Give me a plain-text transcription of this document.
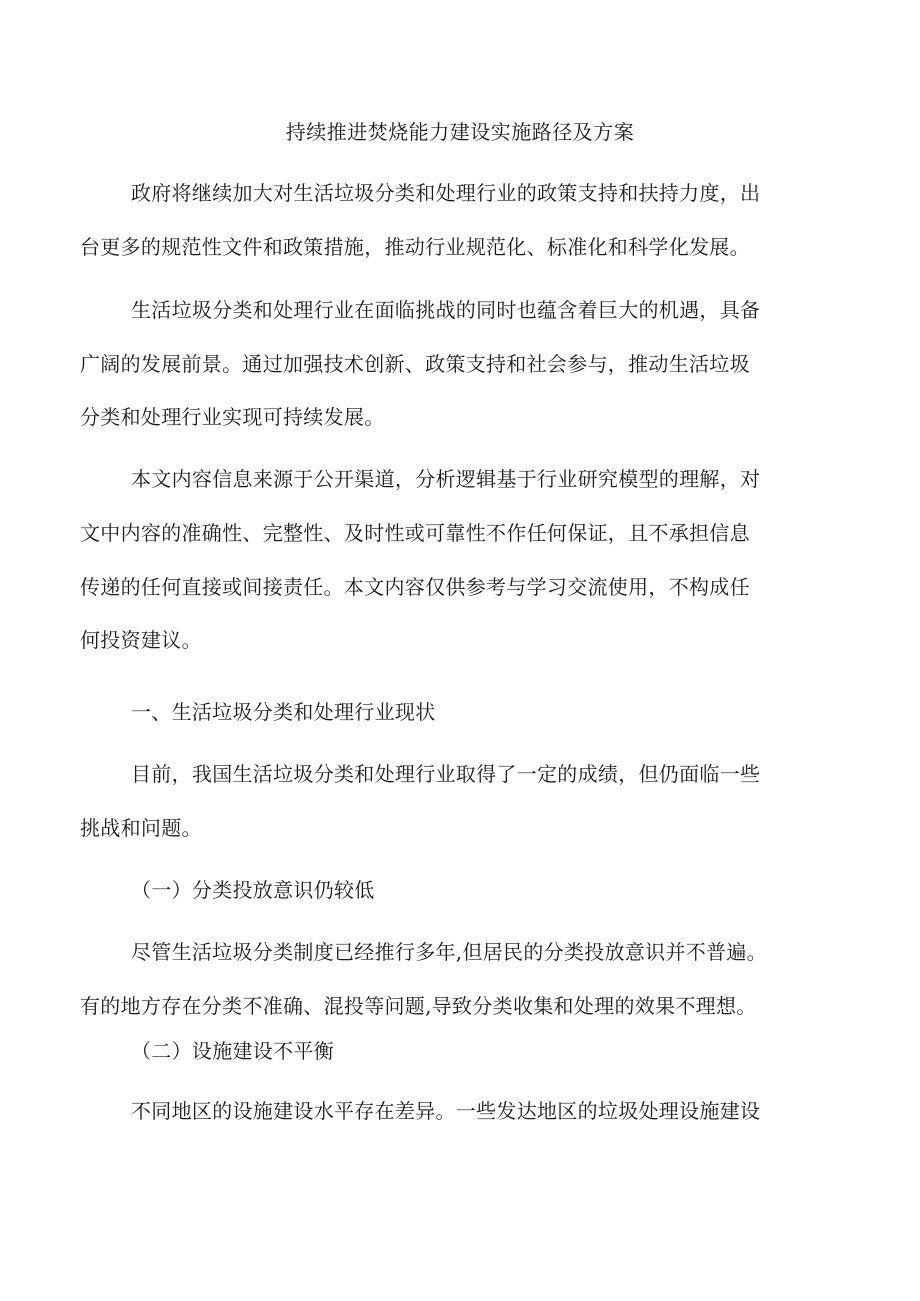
持续推进焚烧能力建设实施路径及方案
政府将继续加大对生活垃圾分类和处理行业的政策支持和扶持力度，出
台更多的规范性文件和政策措施，推动行业规范化、标准化和科学化发展。
生活垃圾分类和处理行业在面临挑战的同时也蕴含着巨大的机遇，具备
广阔的发展前景。通过加强技术创新、政策支持和社会参与，推动生活垃圾
分类和处理行业实现可持续发展。
本文内容信息来源于公开渠道，分析逻辑基于行业研究模型的理解，对
文中内容的准确性、完整性、及时性或可靠性不作任何保证，且不承担信息
传递的任何直接或间接责任。本文内容仅供参考与学习交流使用，不构成任
何投资建议。
一、生活垃圾分类和处理行业现状
目前，我国生活垃圾分类和处理行业取得了一定的成绩，但仍面临一些
挑战和问题。
（一）分类投放意识仍较低
尽管生活垃圾分类制度已经推行多年,但居民的分类投放意识并不普遍。
有的地方存在分类不准确、混投等问题,导致分类收集和处理的效果不理想。
（二）设施建设不平衡
不同地区的设施建设水平存在差异。一些发达地区的垃圾处理设施建设
